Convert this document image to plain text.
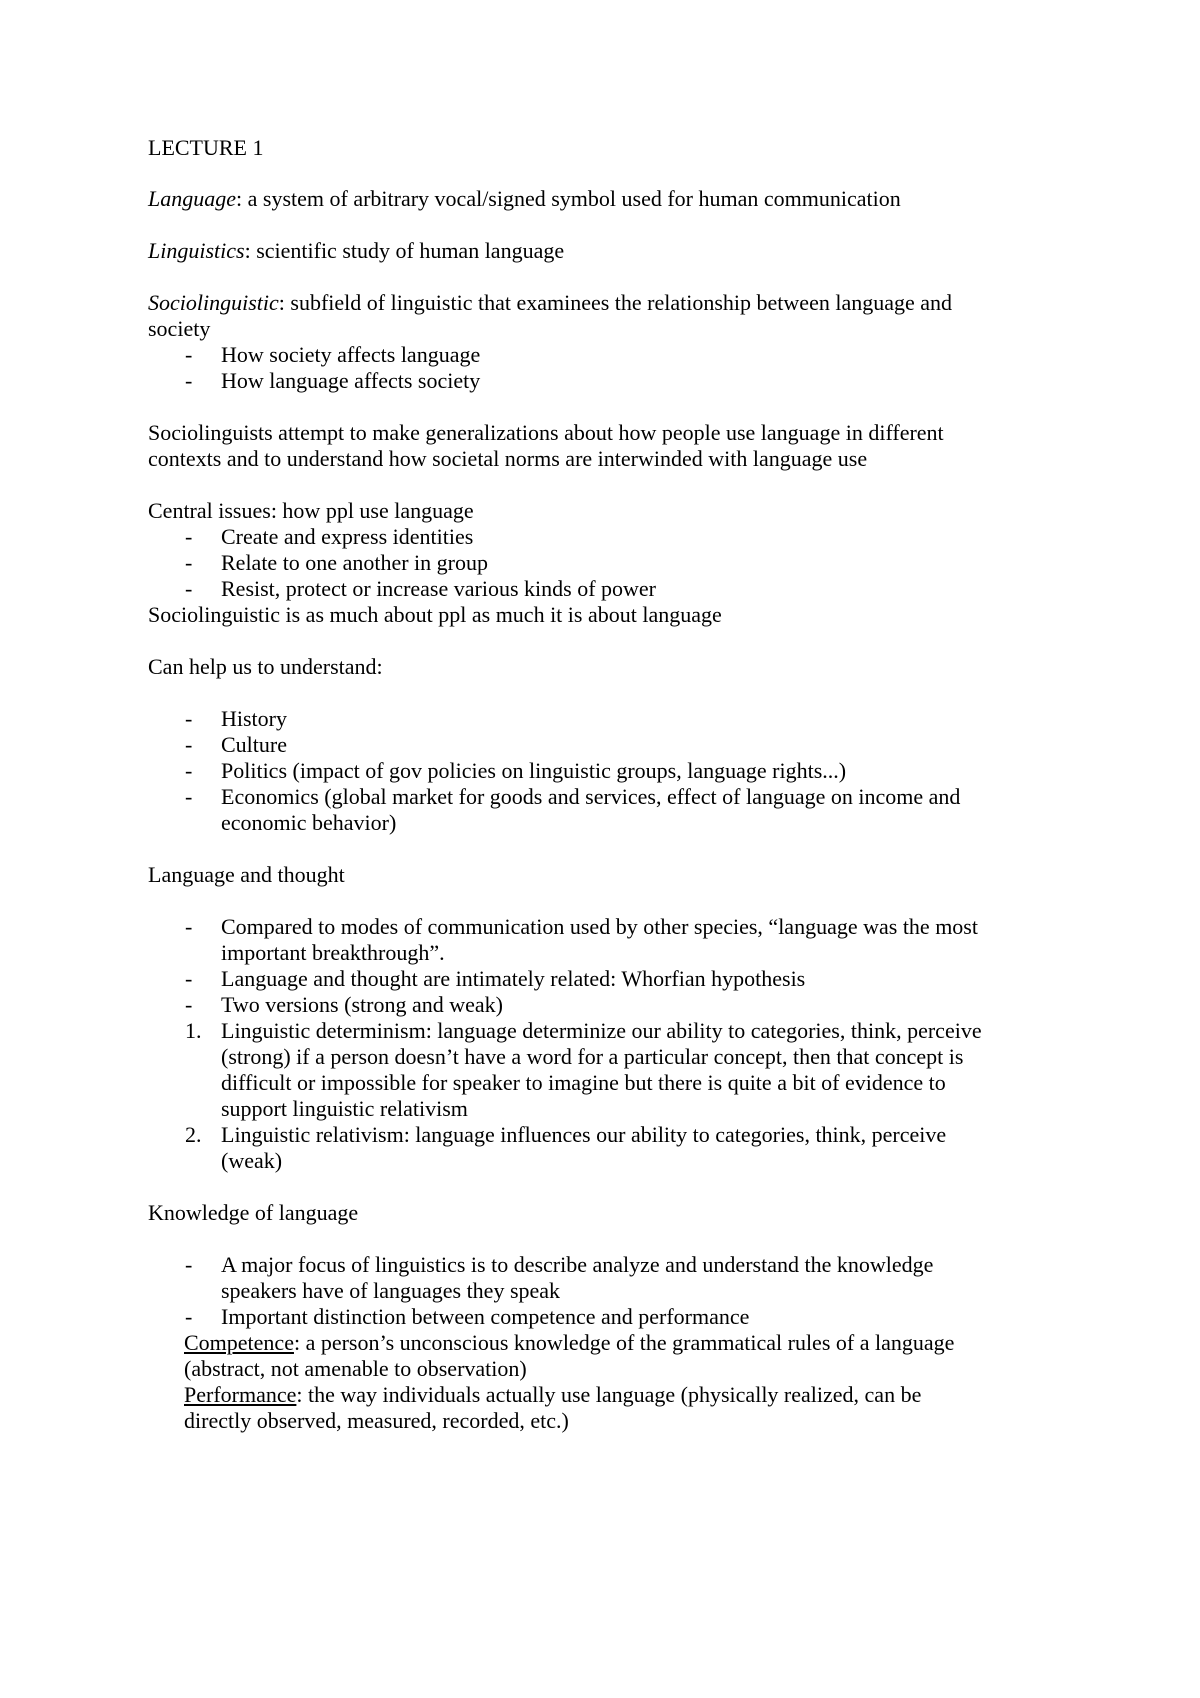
LECTURE 1
Language: a system of arbitrary vocal/signed symbol used for human communication
Linguistics: scientific study of human language
Sociolinguistic: subfield of linguistic that examinees the relationship between language and
society
- How society affects language
- How language affects society
Sociolinguists attempt to make generalizations about how people use language in different
contexts and to understand how societal norms are interwinded with language use
Central issues: how ppl use language
- Create and express identities
- Relate to one another in group
- Resist, protect or increase various kinds of power
Sociolinguistic is as much about ppl as much it is about language
Can help us to understand:
- History
- Culture
- Politics (impact of gov policies on linguistic groups, language rights...)
- Economics (global market for goods and services, effect of language on income and
economic behavior)
Language and thought
- Compared to modes of communication used by other species, “language was the most
important breakthrough”.
- Language and thought are intimately related: Whorfian hypothesis
- Two versions (strong and weak)
1. Linguistic determinism: language determinize our ability to categories, think, perceive
(strong) if a person doesn’t have a word for a particular concept, then that concept is
difficult or impossible for speaker to imagine but there is quite a bit of evidence to
support linguistic relativism
2. Linguistic relativism: language influences our ability to categories, think, perceive
(weak)
Knowledge of language
- A major focus of linguistics is to describe analyze and understand the knowledge
speakers have of languages they speak
- Important distinction between competence and performance
Competence: a person’s unconscious knowledge of the grammatical rules of a language
(abstract, not amenable to observation)
Performance: the way individuals actually use language (physically realized, can be
directly observed, measured, recorded, etc.)
